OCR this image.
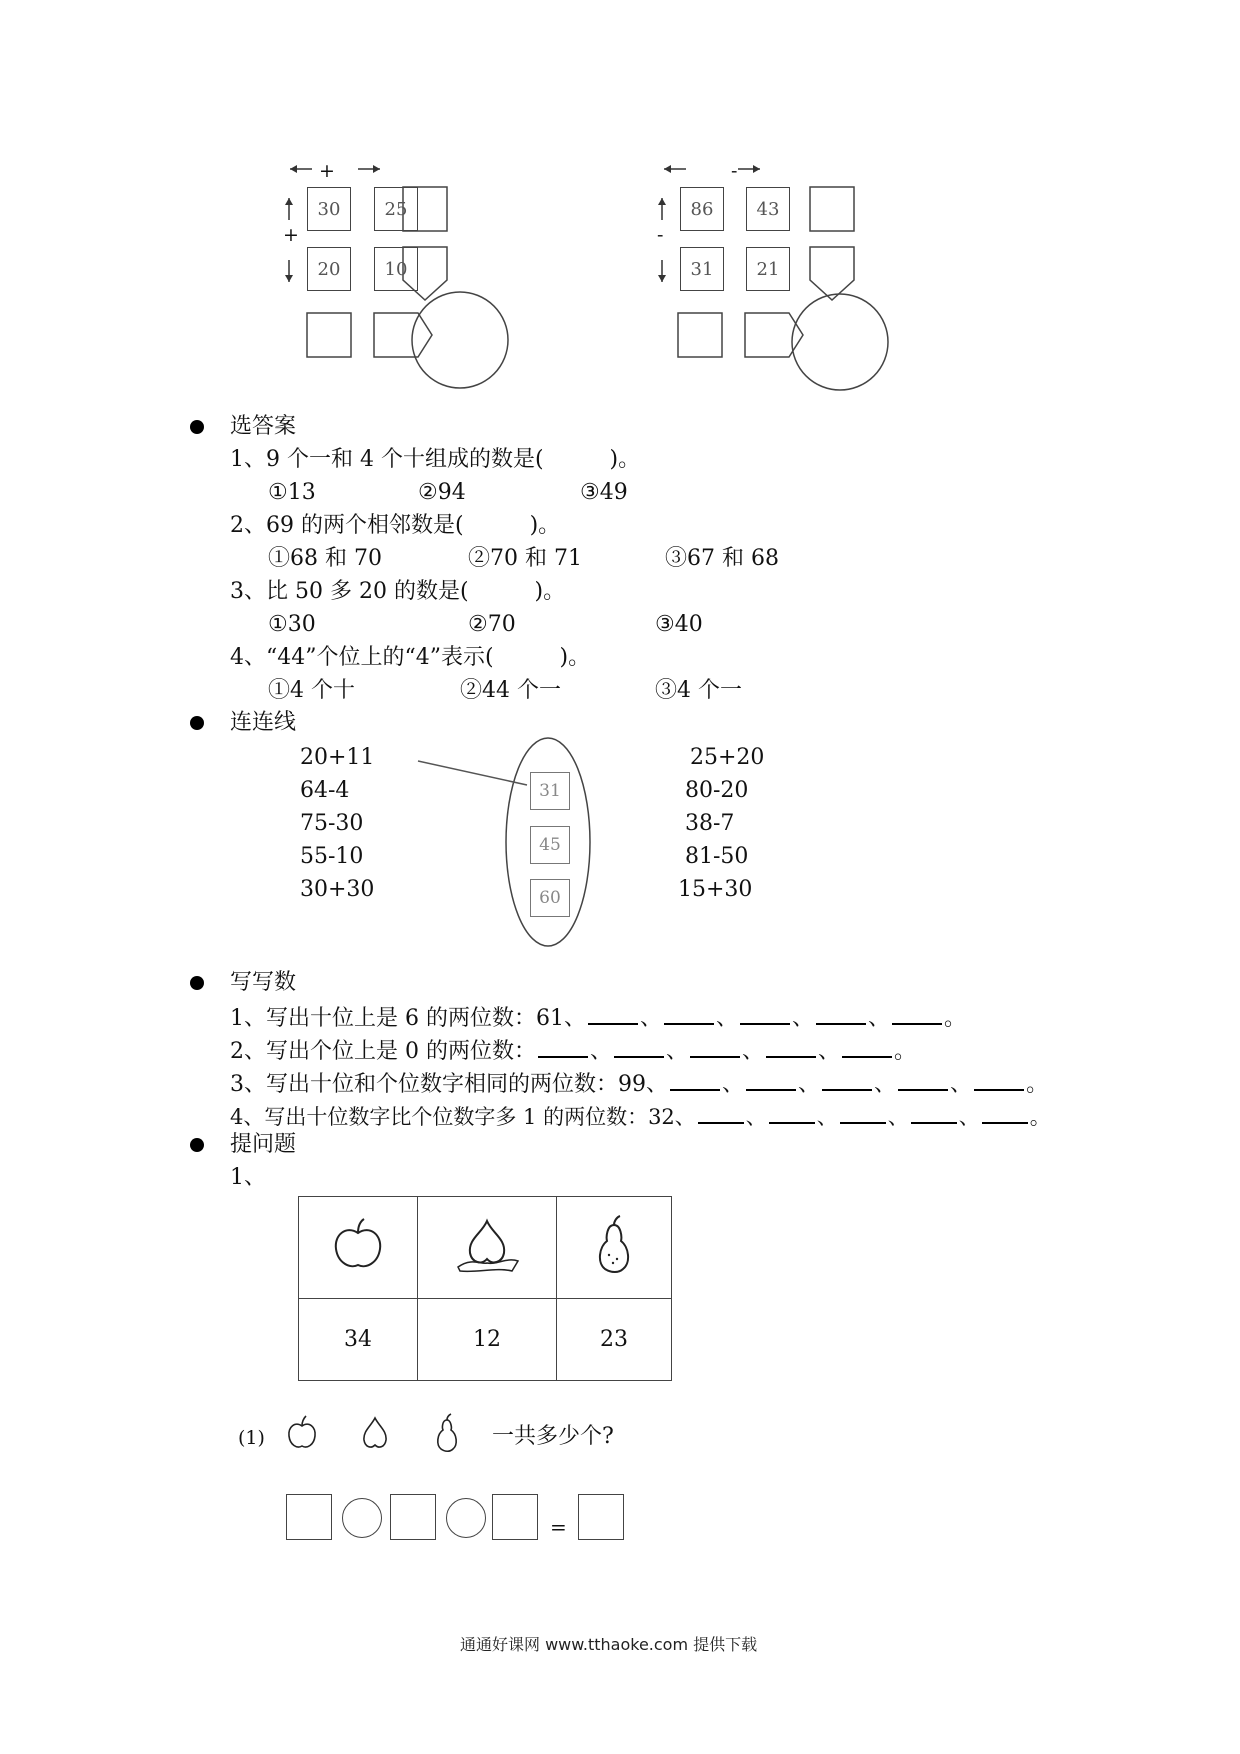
+
+
30	25
20	10
-
-
86	43
31	21
选答案
1、9 个一和 4 个十组成的数是(　　　)。
①13	②94	③49
2、69 的两个相邻数是(　　　)。
①68 和 70	②70 和 71	③67 和 68
3、比 50 多 20 的数是(　　　)。
①30	②70	③40
4、“44”个位上的“4”表示(　　　)。
①4 个十	②44 个一	③4 个一
连连线
20+11
64-4
75-30
55-10
30+30
31
45
60
25+20
80-20
38-7
81-50
15+30
写写数
1、写出十位上是 6 的两位数：61、 、 、 、 、 。
2、写出个位上是 0 的两位数： 、 、 、 、 。
3、写出十位和个位数字相同的两位数：99、 、 、 、 、 。
4、写出十位数字比个位数字多 1 的两位数：32、 、 、 、 、 。
提问题
1、

34	12	23
(1)	一共多少个?
=
通通好课网 www.tthaoke.com 提供下载
